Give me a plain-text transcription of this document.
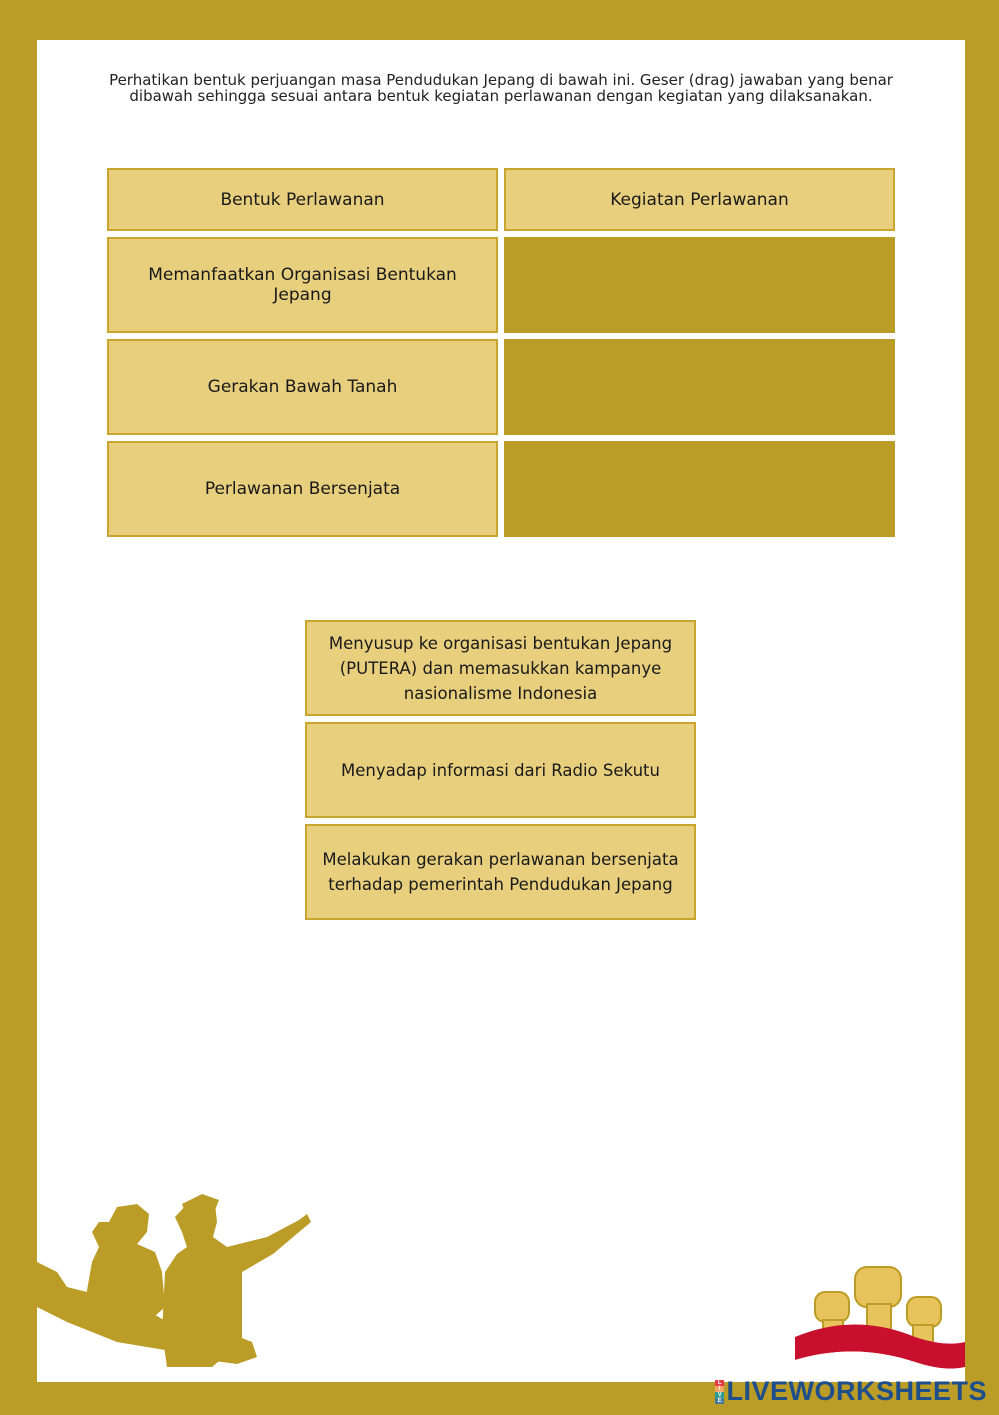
Perhatikan bentuk perjuangan masa Pendudukan Jepang di bawah ini. Geser (drag) jawaban yang benar dibawah sehingga sesuai antara bentuk kegiatan perlawanan dengan kegiatan yang dilaksanakan.
Bentuk Perlawanan	Kegiatan Perlawanan
Memanfaatkan Organisasi Bentukan Jepang
Gerakan Bawah Tanah
Perlawanan Bersenjata
Menyusup ke organisasi bentukan Jepang (PUTERA) dan memasukkan kampanye nasionalisme Indonesia
Menyadap informasi dari Radio Sekutu
Melakukan gerakan perlawanan bersenjata terhadap pemerintah Pendudukan Jepang
L
I
V
E LIVEWORKSHEETS
